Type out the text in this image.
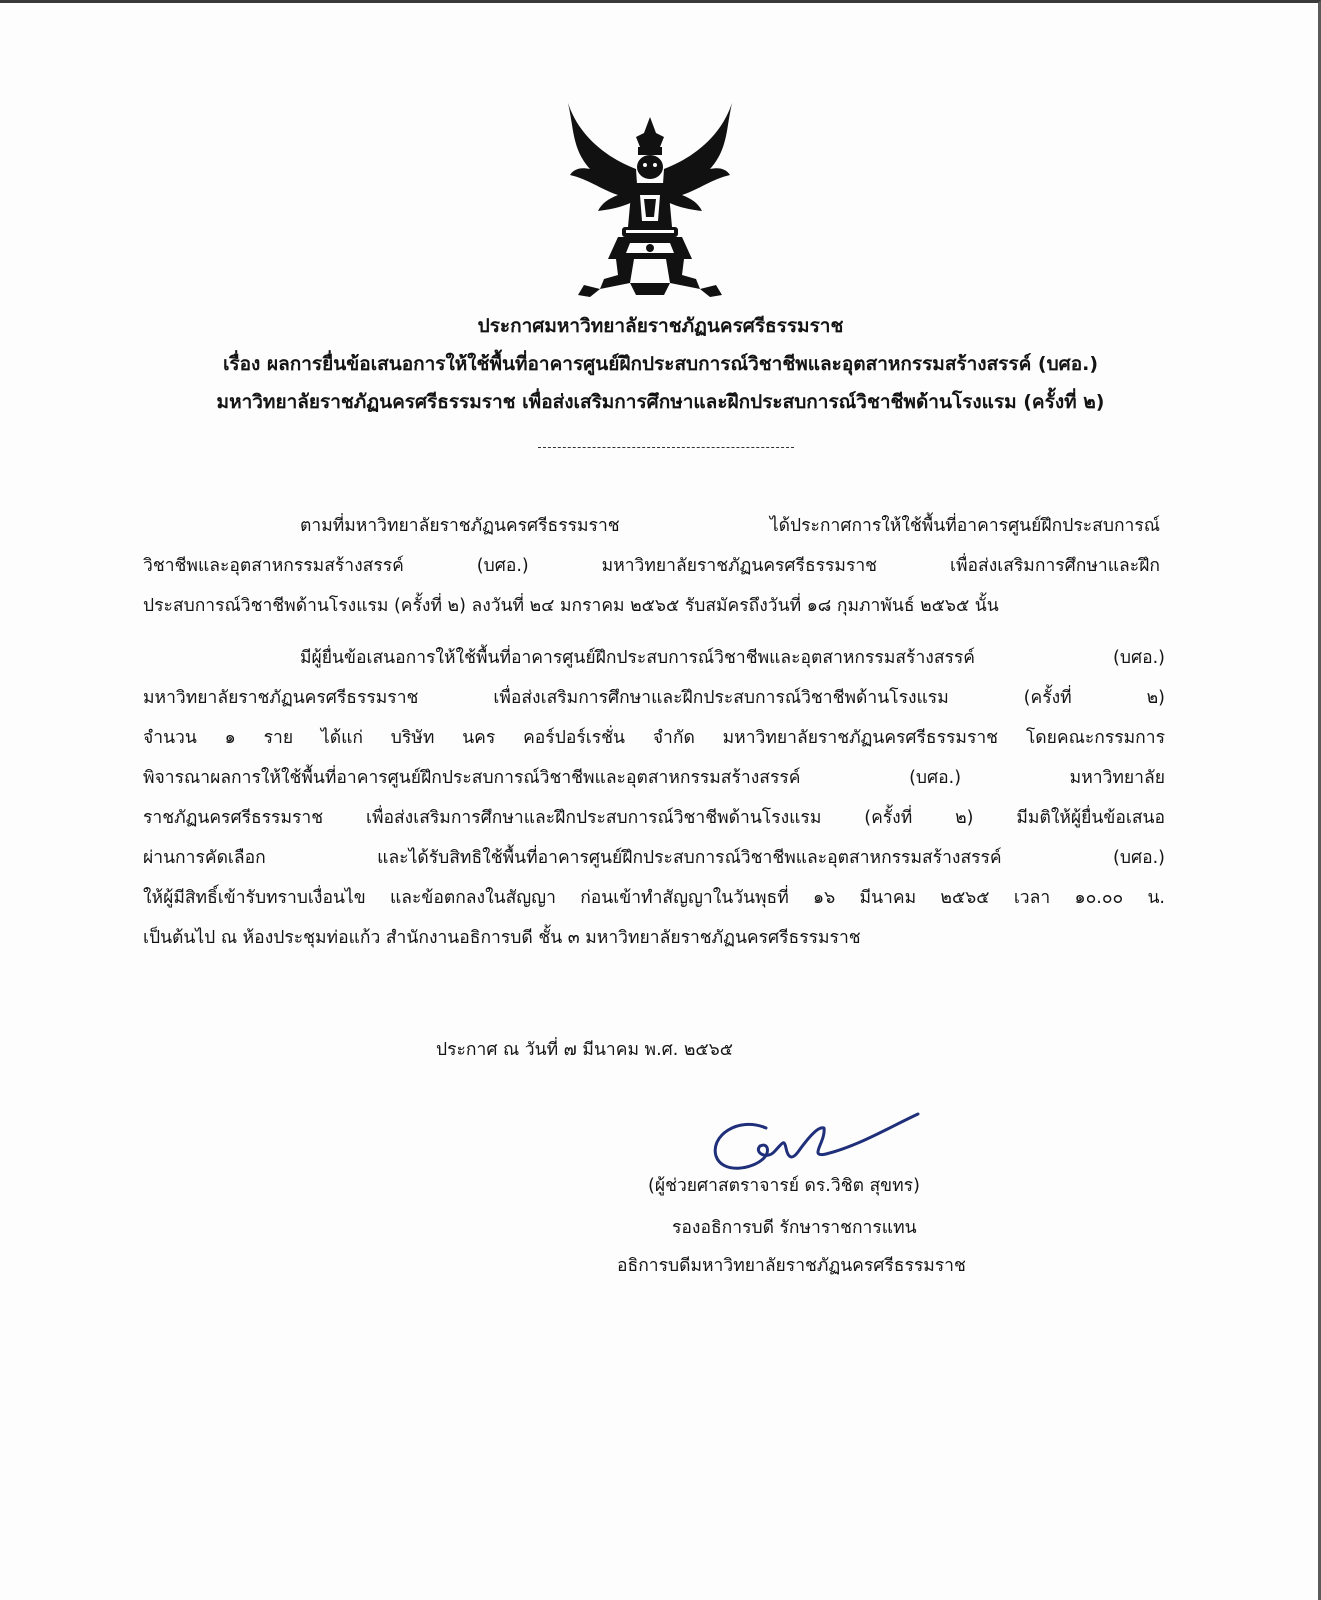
ประกาศมหาวิทยาลัยราชภัฏนครศรีธรรมราช
เรื่อง ผลการยื่นข้อเสนอการให้ใช้พื้นที่อาคารศูนย์ฝึกประสบการณ์วิชาชีพและอุตสาหกรรมสร้างสรรค์ (บศอ.)
มหาวิทยาลัยราชภัฏนครศรีธรรมราช เพื่อส่งเสริมการศึกษาและฝึกประสบการณ์วิชาชีพด้านโรงแรม (ครั้งที่ ๒)
ตามที่มหาวิทยาลัยราชภัฏนครศรีธรรมราช ได้ประกาศการให้ใช้พื้นที่อาคารศูนย์ฝึกประสบการณ์
วิชาชีพและอุตสาหกรรมสร้างสรรค์ (บศอ.) มหาวิทยาลัยราชภัฏนครศรีธรรมราช เพื่อส่งเสริมการศึกษาและฝึก
ประสบการณ์วิชาชีพด้านโรงแรม (ครั้งที่ ๒) ลงวันที่ ๒๔ มกราคม ๒๕๖๕ รับสมัครถึงวันที่ ๑๘ กุมภาพันธ์ ๒๕๖๕ นั้น
มีผู้ยื่นข้อเสนอการให้ใช้พื้นที่อาคารศูนย์ฝึกประสบการณ์วิชาชีพและอุตสาหกรรมสร้างสรรค์ (บศอ.)
มหาวิทยาลัยราชภัฏนครศรีธรรมราช เพื่อส่งเสริมการศึกษาและฝึกประสบการณ์วิชาชีพด้านโรงแรม (ครั้งที่ ๒)
จำนวน ๑ ราย ได้แก่ บริษัท นคร คอร์ปอร์เรชั่น จำกัด มหาวิทยาลัยราชภัฏนครศรีธรรมราช โดยคณะกรรมการ
พิจารณาผลการให้ใช้พื้นที่อาคารศูนย์ฝึกประสบการณ์วิชาชีพและอุตสาหกรรมสร้างสรรค์ (บศอ.) มหาวิทยาลัย
ราชภัฏนครศรีธรรมราช เพื่อส่งเสริมการศึกษาและฝึกประสบการณ์วิชาชีพด้านโรงแรม (ครั้งที่ ๒) มีมติให้ผู้ยื่นข้อเสนอ
ผ่านการคัดเลือก และได้รับสิทธิใช้พื้นที่อาคารศูนย์ฝึกประสบการณ์วิชาชีพและอุตสาหกรรมสร้างสรรค์ (บศอ.)
ให้ผู้มีสิทธิ์เข้ารับทราบเงื่อนไข และข้อตกลงในสัญญา ก่อนเข้าทำสัญญาในวันพุธที่ ๑๖ มีนาคม ๒๕๖๕ เวลา ๑๐.๐๐ น.
เป็นต้นไป ณ ห้องประชุมท่อแก้ว สำนักงานอธิการบดี ชั้น ๓ มหาวิทยาลัยราชภัฏนครศรีธรรมราช
ประกาศ ณ วันที่ ๗ มีนาคม พ.ศ. ๒๕๖๕
(ผู้ช่วยศาสตราจารย์ ดร.วิชิต สุขทร)
รองอธิการบดี รักษาราชการแทน
อธิการบดีมหาวิทยาลัยราชภัฏนครศรีธรรมราช
